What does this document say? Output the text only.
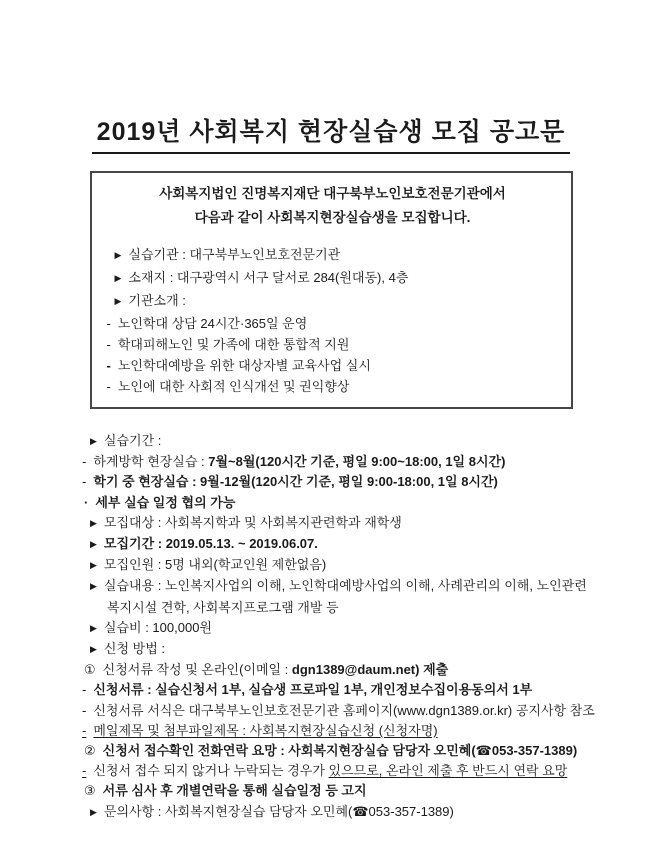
2019년 사회복지 현장실습생 모집 공고문
사회복지법인 진명복지재단 대구북부노인보호전문기관에서
다음과 같이 사회복지현장실습생을 모집합니다.
▶ 실습기관 : 대구북부노인보호전문기관
▶ 소재지 : 대구광역시 서구 달서로 284(원대동), 4층
▶ 기관소개 :
- 노인학대 상담 24시간·365일 운영
- 학대피해노인 및 가족에 대한 통합적 지원
- 노인학대예방을 위한 대상자별 교육사업 실시
- 노인에 대한 사회적 인식개선 및 권익향상
▶ 실습기간 :
- 하계방학 현장실습 : 7월~8월(120시간 기준, 평일 9:00~18:00, 1일 8시간)
- 학기 중 현장실습 : 9월-12월(120시간 기준, 평일 9:00-18:00, 1일 8시간)
· 세부 실습 일정 협의 가능
▶ 모집대상 : 사회복지학과 및 사회복지관련학과 재학생
▶ 모집기간 : 2019.05.13. ~ 2019.06.07.
▶ 모집인원 : 5명 내외(학교인원 제한없음)
▶ 실습내용 : 노인복지사업의 이해, 노인학대예방사업의 이해, 사례관리의 이해, 노인관련
복지시설 견학, 사회복지프로그램 개발 등
▶ 실습비 : 100,000원
▶ 신청 방법 :
① 신청서류 작성 및 온라인(이메일 : dgn1389@daum.net) 제출
- 신청서류 : 실습신청서 1부, 실습생 프로파일 1부, 개인정보수집이용동의서 1부
- 신청서류 서식은 대구북부노인보호전문기관 홈페이지(www.dgn1389.or.kr) 공지사항 참조
- 메일제목 및 첨부파일제목 : 사회복지현장실습신청 (신청자명)
② 신청서 접수확인 전화연락 요망 : 사회복지현장실습 담당자 오민혜(☎053-357-1389)
- 신청서 접수 되지 않거나 누락되는 경우가 있으므로, 온라인 제출 후 반드시 연락 요망
③ 서류 심사 후 개별연락을 통해 실습일정 등 고지
▶ 문의사항 : 사회복지현장실습 담당자 오민혜(☎053-357-1389)
